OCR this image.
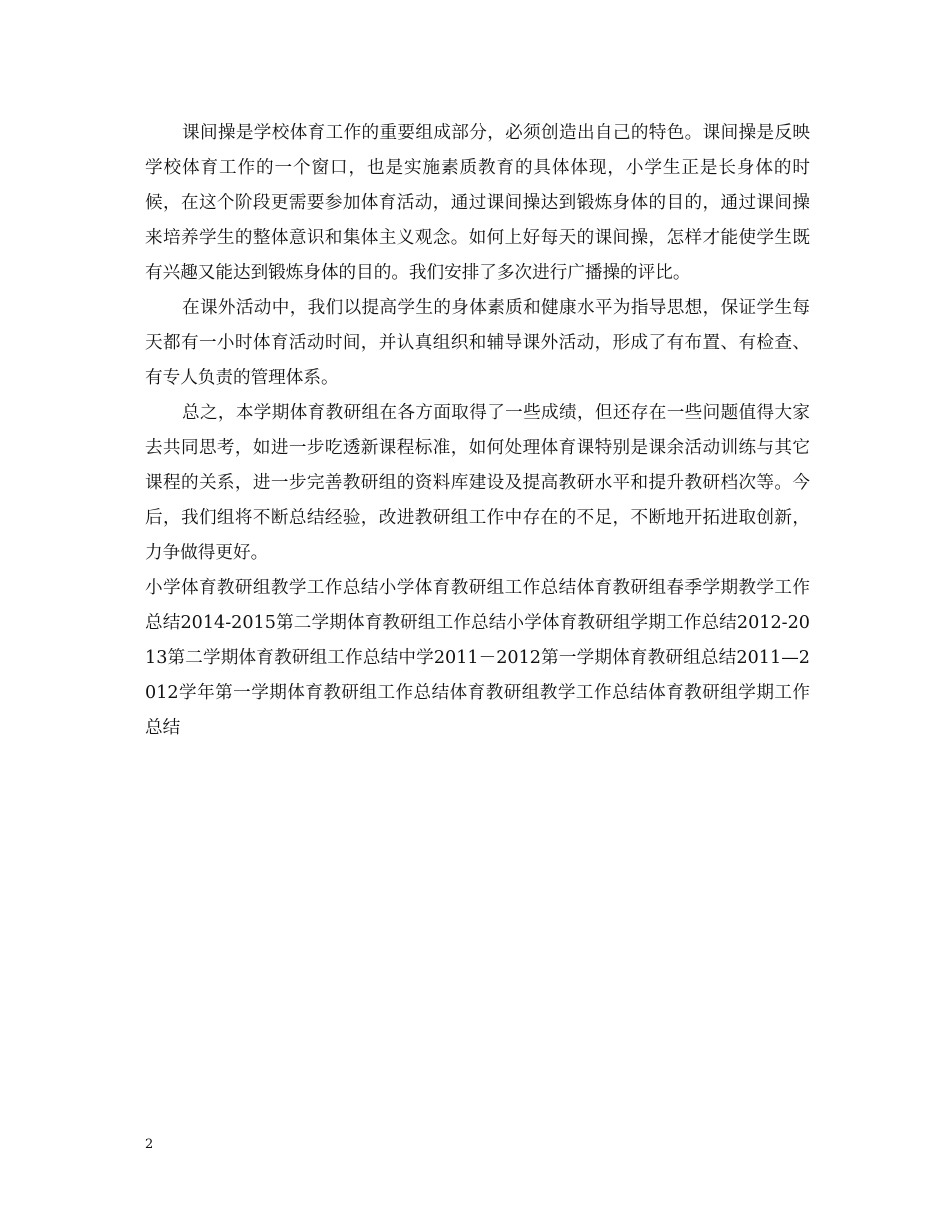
课间操是学校体育工作的重要组成部分，必须创造出自己的特色。课间操是反映学校体育工作的一个窗口，也是实施素质教育的具体体现，小学生正是长身体的时候，在这个阶段更需要参加体育活动，通过课间操达到锻炼身体的目的，通过课间操来培养学生的整体意识和集体主义观念。如何上好每天的课间操，怎样才能使学生既有兴趣又能达到锻炼身体的目的。我们安排了多次进行广播操的评比。

在课外活动中，我们以提高学生的身体素质和健康水平为指导思想，保证学生每天都有一小时体育活动时间，并认真组织和辅导课外活动，形成了有布置、有检查、有专人负责的管理体系。

总之，本学期体育教研组在各方面取得了一些成绩，但还存在一些问题值得大家去共同思考，如进一步吃透新课程标准，如何处理体育课特别是课余活动训练与其它课程的关系，进一步完善教研组的资料库建设及提高教研水平和提升教研档次等。今后，我们组将不断总结经验，改进教研组工作中存在的不足，不断地开拓进取创新，力争做得更好。

小学体育教研组教学工作总结小学体育教研组工作总结体育教研组春季学期教学工作总结2014-2015第二学期体育教研组工作总结小学体育教研组学期工作总结2012-2013第二学期体育教研组工作总结中学2011－2012第一学期体育教研组总结2011—2012学年第一学期体育教研组工作总结体育教研组教学工作总结体育教研组学期工作总结

2
